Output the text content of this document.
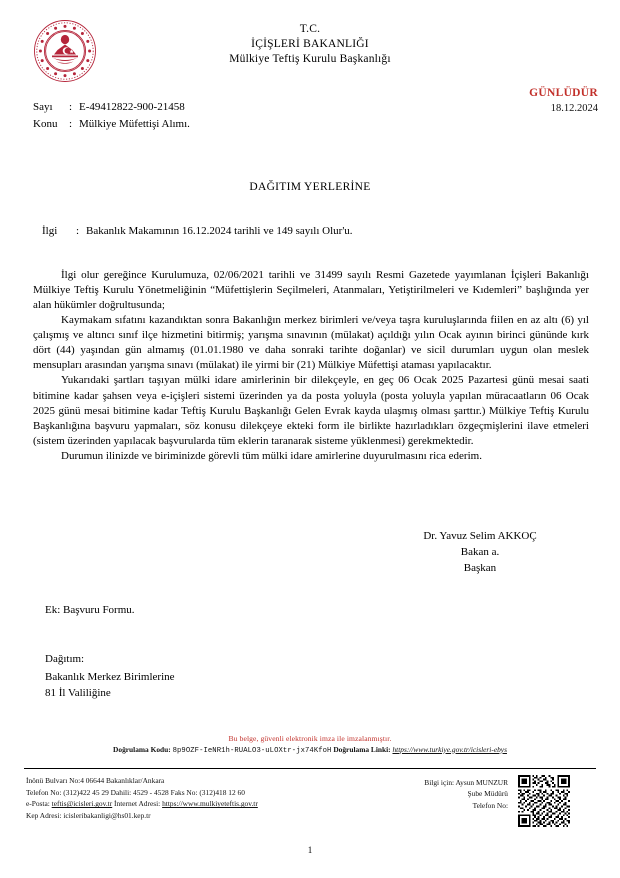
T.C.
İÇİŞLERİ BAKANLIĞI
Mülkiye Teftiş Kurulu Başkanlığı
GÜNLÜDÜR
18.12.2024
Sayı	: E-49412822-900-21458
Konu	: Mülkiye Müfettişi Alımı.
DAĞITIM YERLERİNE
İlgi	: Bakanlık Makamının 16.12.2024 tarihli ve 149 sayılı Olur'u.

İlgi olur gereğince Kurulumuza, 02/06/2021 tarihli ve 31499 sayılı Resmi Gazetede yayımlanan İçişleri Bakanlığı Mülkiye Teftiş Kurulu Yönetmeliğinin “Müfettişlerin Seçilmeleri, Atanmaları, Yetiştirilmeleri ve Kıdemleri” başlığında yer alan hükümler doğrultusunda;

Kaymakam sıfatını kazandıktan sonra Bakanlığın merkez birimleri ve/veya taşra kuruluşlarında fiilen en az altı (6) yıl çalışmış ve altıncı sınıf ilçe hizmetini bitirmiş; yarışma sınavının (mülakat) açıldığı yılın Ocak ayının birinci gününde kırk dört (44) yaşından gün almamış (01.01.1980 ve daha sonraki tarihte doğanlar) ve sicil durumları uygun olan meslek mensupları arasından yarışma sınavı (mülakat) ile yirmi bir (21) Mülkiye Müfettişi ataması yapılacaktır.

Yukarıdaki şartları taşıyan mülki idare amirlerinin bir dilekçeyle, en geç 06 Ocak 2025 Pazartesi günü mesai saati bitimine kadar şahsen veya e-içişleri sistemi üzerinden ya da posta yoluyla (posta yoluyla yapılan müracaatların 06 Ocak 2025 günü mesai bitimine kadar Teftiş Kurulu Başkanlığı Gelen Evrak kayda ulaşmış olması şarttır.) Mülkiye Teftiş Kurulu Başkanlığına başvuru yapmaları, söz konusu dilekçeye ekteki form ile birlikte hazırladıkları özgeçmişlerini ilave etmeleri (sistem üzerinden yapılacak başvurularda tüm eklerin taranarak sisteme yüklenmesi) gerekmektedir.

Durumun ilinizde ve biriminizde görevli tüm mülki idare amirlerine duyurulmasını rica ederim.

Dr. Yavuz Selim AKKOÇ
Bakan a.
Başkan
Ek: Başvuru Formu.
Dağıtım:
Bakanlık Merkez Birimlerine
81 İl Valiliğine
Bu belge, güvenli elektronik imza ile imzalanmıştır.
Doğrulama Kodu: 8p9OZF-IeNR1h-RUALO3-uLOXtr-jx74KfoH Doğrulama Linki: https://www.turkiye.gov.tr/icisleri-ebys
İnönü Bulvarı No:4 06644 Bakanlıklar/Ankara
Telefon No: (312)422 45 29 Dahili: 4529 - 4528 Faks No: (312)418 12 60
e-Posta: teftis@icisleri.gov.tr İnternet Adresi: https://www.mulkiyeteftis.gov.tr
Kep Adresi: icisleribakanligi@hs01.kep.tr
Bilgi için: Aysun MUNZUR
Şube Müdürü
Telefon No:
1
